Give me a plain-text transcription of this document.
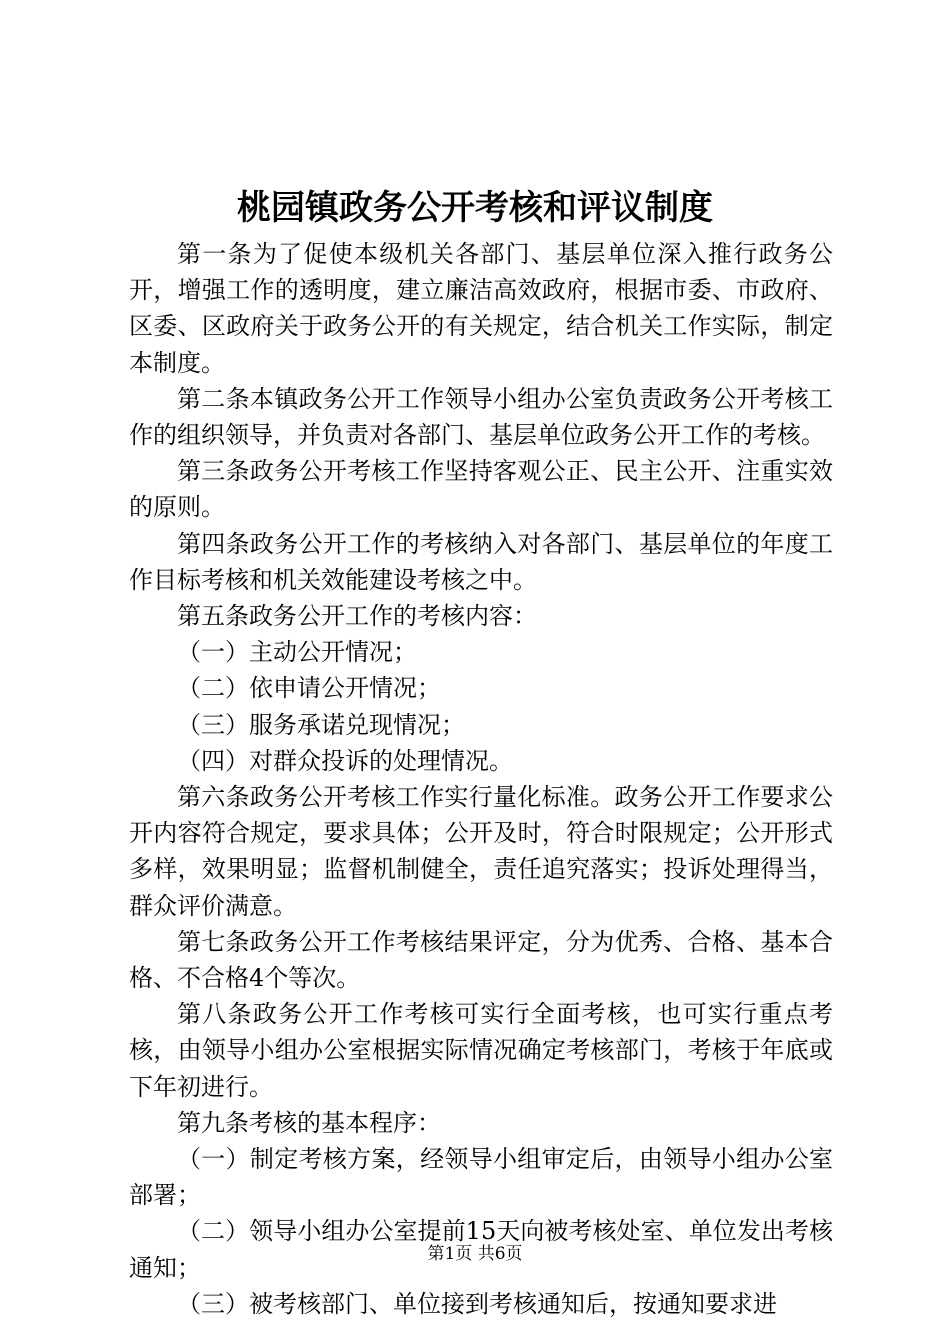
桃园镇政务公开考核和评议制度

第一条为了促使本级机关各部门、基层单位深入推行政务公开，增强工作的透明度，建立廉洁高效政府，根据市委、市政府、区委、区政府关于政务公开的有关规定，结合机关工作实际，制定本制度。

第二条本镇政务公开工作领导小组办公室负责政务公开考核工作的组织领导，并负责对各部门、基层单位政务公开工作的考核。

第三条政务公开考核工作坚持客观公正、民主公开、注重实效的原则。

第四条政务公开工作的考核纳入对各部门、基层单位的年度工作目标考核和机关效能建设考核之中。

第五条政务公开工作的考核内容：

（一）主动公开情况；

（二）依申请公开情况；

（三）服务承诺兑现情况；

（四）对群众投诉的处理情况。

第六条政务公开考核工作实行量化标准。政务公开工作要求公开内容符合规定，要求具体；公开及时，符合时限规定；公开形式多样，效果明显；监督机制健全，责任追究落实；投诉处理得当，群众评价满意。

第七条政务公开工作考核结果评定，分为优秀、合格、基本合格、不合格4个等次。

第八条政务公开工作考核可实行全面考核，也可实行重点考核，由领导小组办公室根据实际情况确定考核部门，考核于年底或下年初进行。

第九条考核的基本程序：

（一）制定考核方案，经领导小组审定后，由领导小组办公室部署；

（二）领导小组办公室提前15天向被考核处室、单位发出考核通知；

（三）被考核部门、单位接到考核通知后，按通知要求进

第1页 共6页
